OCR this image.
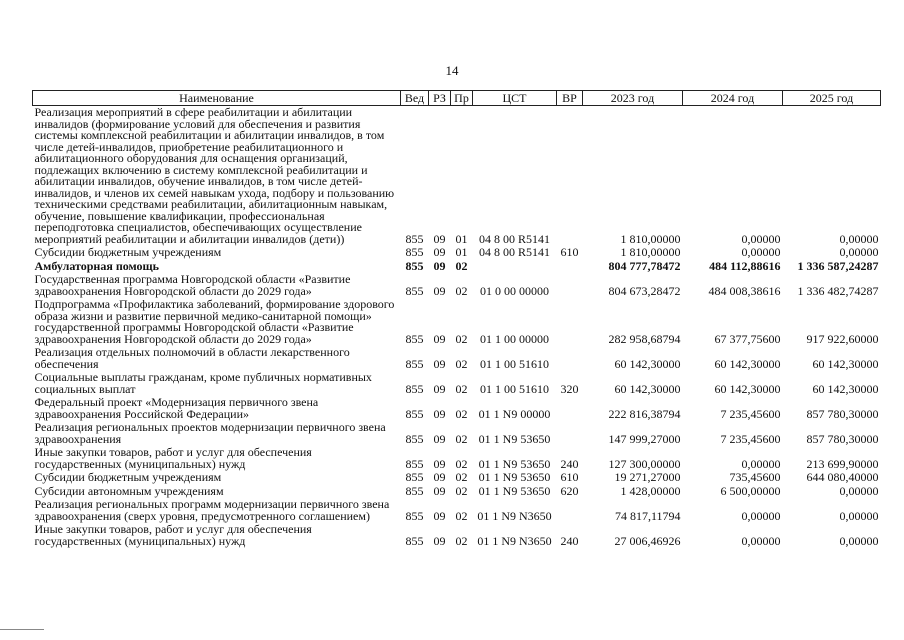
14
Наименование	Вед	РЗ	Пр	ЦСТ	ВР	2023 год	2024 год	2025 год
Реализация мероприятий в сфере реабилитации и абилитации инвалидов (формирование условий для обеспечения и развития системы комплексной реабилитации и абилитации инвалидов, в том числе детей-инвалидов, приобретение реабилитационного и абилитационного оборудования для оснащения организаций, подлежащих включению в систему комплексной реабилитации и абилитации инвалидов, обучение инвалидов, в том числе детей-инвалидов, и членов их семей навыкам ухода, подбору и пользованию техническими средствами реабилитации, абилитационным навыкам, обучение, повышение квалификации, профессиональная переподготовка специалистов, обеспечивающих осуществление мероприятий реабилитации и абилитации инвалидов (дети))	855	09	01	04 8 00 R5141		1 810,00000	0,00000	0,00000
Субсидии бюджетным учреждениям	855	09	01	04 8 00 R5141	610	1 810,00000	0,00000	0,00000
Амбулаторная помощь	855	09	02			804 777,78472	484 112,88616	1 336 587,24287
Государственная программа Новгородской области «Развитие здравоохранения Новгородской области до 2029 года»	855	09	02	01 0 00 00000		804 673,28472	484 008,38616	1 336 482,74287
Подпрограмма «Профилактика заболеваний, формирование здорового образа жизни и развитие первичной медико-санитарной помощи» государственной программы Новгородской области «Развитие здравоохранения Новгородской области до 2029 года»	855	09	02	01 1 00 00000		282 958,68794	67 377,75600	917 922,60000
Реализация отдельных полномочий в области лекарственного обеспечения	855	09	02	01 1 00 51610		60 142,30000	60 142,30000	60 142,30000
Социальные выплаты гражданам, кроме публичных нормативных социальных выплат	855	09	02	01 1 00 51610	320	60 142,30000	60 142,30000	60 142,30000
Федеральный проект «Модернизация первичного звена здравоохранения Российской Федерации»	855	09	02	01 1 N9 00000		222 816,38794	7 235,45600	857 780,30000
Реализация региональных проектов модернизации первичного звена здравоохранения	855	09	02	01 1 N9 53650		147 999,27000	7 235,45600	857 780,30000
Иные закупки товаров, работ и услуг для обеспечения государственных (муниципальных) нужд	855	09	02	01 1 N9 53650	240	127 300,00000	0,00000	213 699,90000
Субсидии бюджетным учреждениям	855	09	02	01 1 N9 53650	610	19 271,27000	735,45600	644 080,40000
Субсидии автономным учреждениям	855	09	02	01 1 N9 53650	620	1 428,00000	6 500,00000	0,00000
Реализация региональных программ модернизации первичного звена здравоохранения (сверх уровня, предусмотренного соглашением)	855	09	02	01 1 N9 N3650		74 817,11794	0,00000	0,00000
Иные закупки товаров, работ и услуг для обеспечения государственных (муниципальных) нужд	855	09	02	01 1 N9 N3650	240	27 006,46926	0,00000	0,00000
